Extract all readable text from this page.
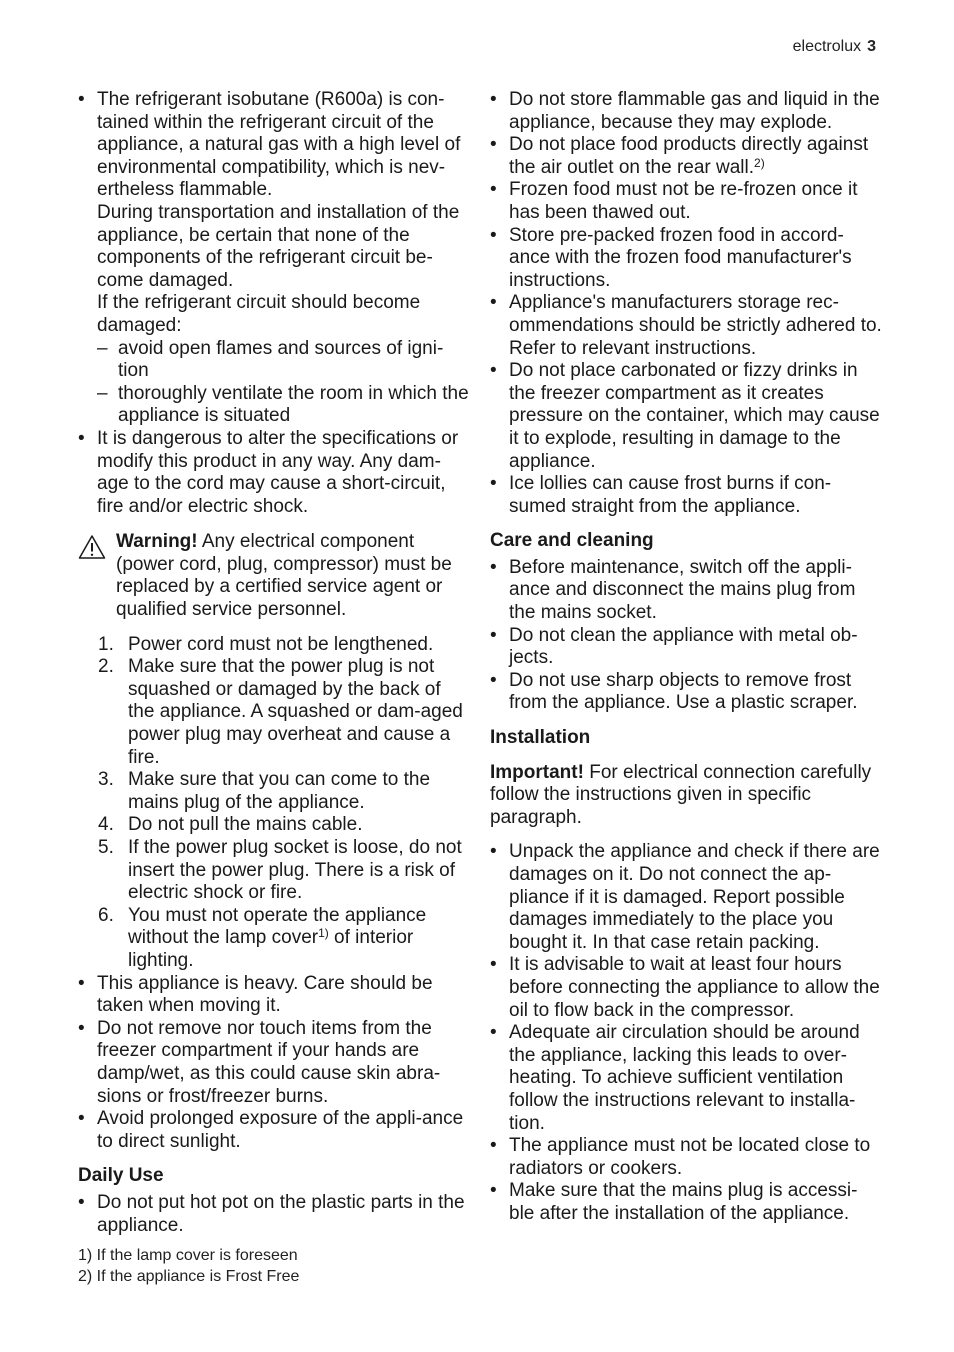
electrolux 3
• The refrigerant isobutane (R600a) is con-tained within the refrigerant circuit of the appliance, a natural gas with a high level of environmental compatibility, which is nev-ertheless flammable.
During transportation and installation of the appliance, be certain that none of the components of the refrigerant circuit be-come damaged.
If the refrigerant circuit should become damaged:
– avoid open flames and sources of igni-tion
– thoroughly ventilate the room in which the appliance is situated
• It is dangerous to alter the specifications or modify this product in any way. Any dam-age to the cord may cause a short-circuit, fire and/or electric shock.
Warning! Any electrical component (power cord, plug, compressor) must be replaced by a certified service agent or qualified service personnel.
1. Power cord must not be lengthened.
2. Make sure that the power plug is not squashed or damaged by the back of the appliance. A squashed or dam-aged power plug may overheat and cause a fire.
3. Make sure that you can come to the mains plug of the appliance.
4. Do not pull the mains cable.
5. If the power plug socket is loose, do not insert the power plug. There is a risk of electric shock or fire.
6. You must not operate the appliance without the lamp cover$^{1)}$ of interior lighting.
• This appliance is heavy. Care should be taken when moving it.
• Do not remove nor touch items from the freezer compartment if your hands are damp/wet, as this could cause skin abra-sions or frost/freezer burns.
• Avoid prolonged exposure of the appli-ance to direct sunlight.
Daily Use
• Do not put hot pot on the plastic parts in the appliance.
1) If the lamp cover is foreseen
2) If the appliance is Frost Free
• Do not store flammable gas and liquid in the appliance, because they may explode.
• Do not place food products directly against the air outlet on the rear wall.$^{2)}$
• Frozen food must not be re-frozen once it has been thawed out.
• Store pre-packed frozen food in accord-ance with the frozen food manufacturer's instructions.
• Appliance's manufacturers storage rec-ommendations should be strictly adhered to. Refer to relevant instructions.
• Do not place carbonated or fizzy drinks in the freezer compartment as it creates pressure on the container, which may cause it to explode, resulting in damage to the appliance.
• Ice lollies can cause frost burns if con-sumed straight from the appliance.
Care and cleaning
• Before maintenance, switch off the appli-ance and disconnect the mains plug from the mains socket.
• Do not clean the appliance with metal ob-jects.
• Do not use sharp objects to remove frost from the appliance. Use a plastic scraper.
Installation
Important! For electrical connection carefully follow the instructions given in specific paragraph.
• Unpack the appliance and check if there are damages on it. Do not connect the ap-pliance if it is damaged. Report possible damages immediately to the place you bought it. In that case retain packing.
• It is advisable to wait at least four hours before connecting the appliance to allow the oil to flow back in the compressor.
• Adequate air circulation should be around the appliance, lacking this leads to over-heating. To achieve sufficient ventilation follow the instructions relevant to installa-tion.
• The appliance must not be located close to radiators or cookers.
• Make sure that the mains plug is accessi-ble after the installation of the appliance.
